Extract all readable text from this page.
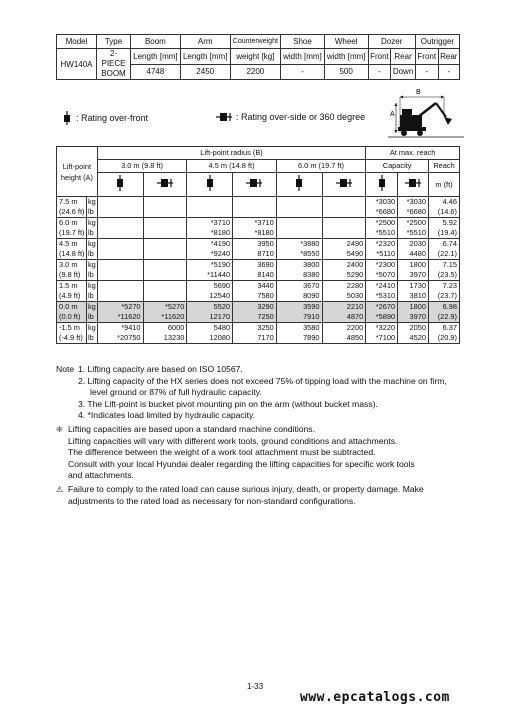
Model	Type	Boom	Arm	Counterweight	Shoe	Wheel	Dozer		Outrigger	
HW140A	2-PIECE BOOM	Length [mm]	Length [mm]	weight [kg]	width [mm]	width [mm]	Front	Rear	Front	Rear
		4748	2450	2200	-	500	-	Down	-	-
: Rating over-front	: Rating over-side or 360 degree
B
A
Lift-point height (A)		Lift-point radius (B)						At max. reach		
		3.0 m (9.8 ft)		4.5 m (14.8 ft)		6.0 m (19.7 ft)		Capacity		Reach
								m (ft)
7.5 m	kg							*3030	*3030	4.46
(24.6 ft)	lb							*6680	*6680	(14.6)
6.0 m	kg			*3710	*3710			*2500	*2500	5.92
(19.7 ft)	lb			*8180	*8180			*5510	*5510	(19.4)
4.5 m	kg			*4190	3950	*3880	2490	*2320	2030	6.74
(14.8 ft)	lb			*9240	8710	*8550	5490	*5110	4480	(22.1)
3.0 m	kg			*5190	3690	3800	2400	*2300	1800	7.15
(9.8 ft)	lb			*11440	8140	8380	5290	*5070	3970	(23.5)
1.5 m	kg			5690	3440	3670	2280	*2410	1730	7.23
(4.9 ft)	lb			12540	7580	8090	5030	*5310	3810	(23.7)
0.0 m	kg	*5270	*5270	5520	3290	3590	2210	*2670	1800	6.98
(0.0 ft)	lb	*11620	*11620	12170	7250	7910	4870	*5890	3970	(22.9)
-1.5 m	kg	*9410	6000	5480	3250	3580	2200	*3220	2050	6.37
(-4.9 ft)	lb	*20750	13230	12080	7170	7890	4850	*7100	4520	(20.9)
Note 1. Lifting capacity are based on ISO 10567.
2. Lifting capacity of the HX series does not exceed 75% of tipping load with the machine on firm,
level ground or 87% of full hydraulic capacity.
3. The Lift-point is bucket pivot mounting pin on the arm (without bucket mass).
4. *Indicates load limited by hydraulic capacity.
❈ Lifting capacities are based upon a standard machine conditions.
Lifting capacities will vary with different work tools, ground conditions and attachments.
The difference between the weight of a work tool attachment must be subtracted.
Consult with your local Hyundai dealer regarding the lifting capacities for specific work tools
and attachments.
⚠ Failure to comply to the rated load can cause surious injury, death, or property damage. Make
adjustments to the rated load as necessary for non-standard configurations.
1-33
www.epcatalogs.com
